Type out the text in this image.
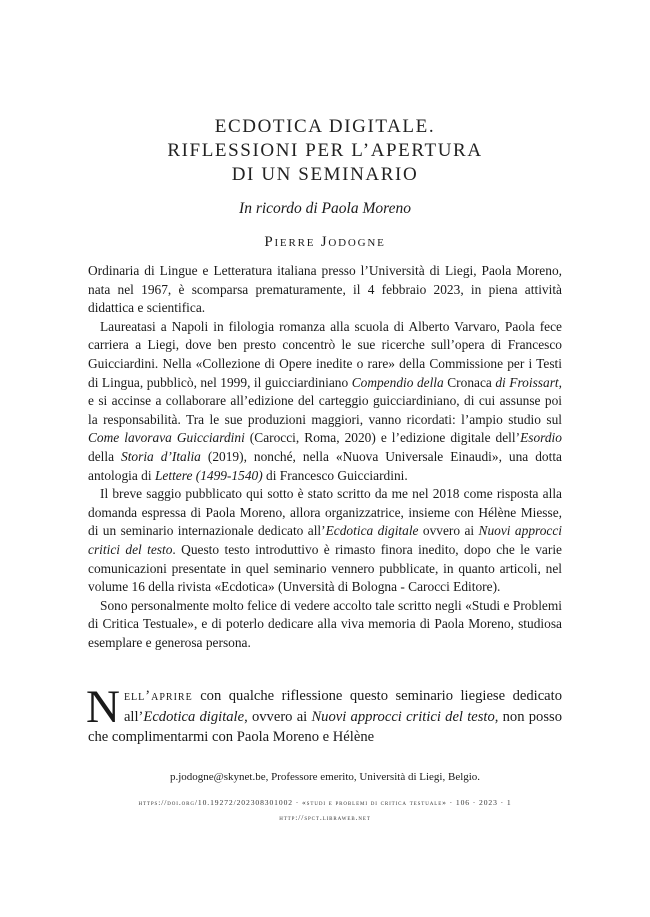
ECDOTICA DIGITALE.
RIFLESSIONI PER L’APERTURA
DI UN SEMINARIO
In ricordo di Paola Moreno
Pierre Jodogne

Ordinaria di Lingue e Letteratura italiana presso l’Università di Liegi, Paola Moreno, nata nel 1967, è scomparsa prematuramente, il 4 febbraio 2023, in piena attività didattica e scientifica.

Laureatasi a Napoli in filologia romanza alla scuola di Alberto Varvaro, Paola fece carriera a Liegi, dove ben presto concentrò le sue ricerche sull’opera di Francesco Guicciardini. Nella «Collezione di Opere inedite o rare» della Commissione per i Testi di Lingua, pubblicò, nel 1999, il guicciardiniano Compendio della Cronaca di Froissart, e si accinse a collaborare all’edizione del carteggio guicciardiniano, di cui assunse poi la responsabilità. Tra le sue produzioni maggiori, vanno ricordati: l’ampio studio sul Come lavorava Guicciardini (Carocci, Roma, 2020) e l’edizione digitale dell’Esordio della Storia d’Italia (2019), nonché, nella «Nuova Universale Einaudi», una dotta antologia di Lettere (1499-1540) di Francesco Guicciardini.

Il breve saggio pubblicato qui sotto è stato scritto da me nel 2018 come risposta alla domanda espressa di Paola Moreno, allora organizzatrice, insieme con Hélène Miesse, di un seminario internazionale dedicato all’Ecdotica digitale ovvero ai Nuovi approcci critici del testo. Questo testo introduttivo è rimasto finora inedito, dopo che le varie comunicazioni presentate in quel seminario vennero pubblicate, in quanto articoli, nel volume 16 della rivista «Ecdotica» (Unversità di Bologna - Carocci Editore).

Sono personalmente molto felice di vedere accolto tale scritto negli «Studi e Problemi di Critica Testuale», e di poterlo dedicare alla viva memoria di Paola Moreno, studiosa esemplare e generosa persona.

Nell’aprire con qualche riflessione questo seminario liegiese dedicato all’Ecdotica digitale, ovvero ai Nuovi approcci critici del testo, non posso che complimentarmi con Paola Moreno e Hélène
p.jodogne@skynet.be, Professore emerito, Università di Liegi, Belgio.
https://doi.org/10.19272/202308301002 · «studi e problemi di critica testuale» · 106 · 2023 · 1
http://spct.libraweb.net
